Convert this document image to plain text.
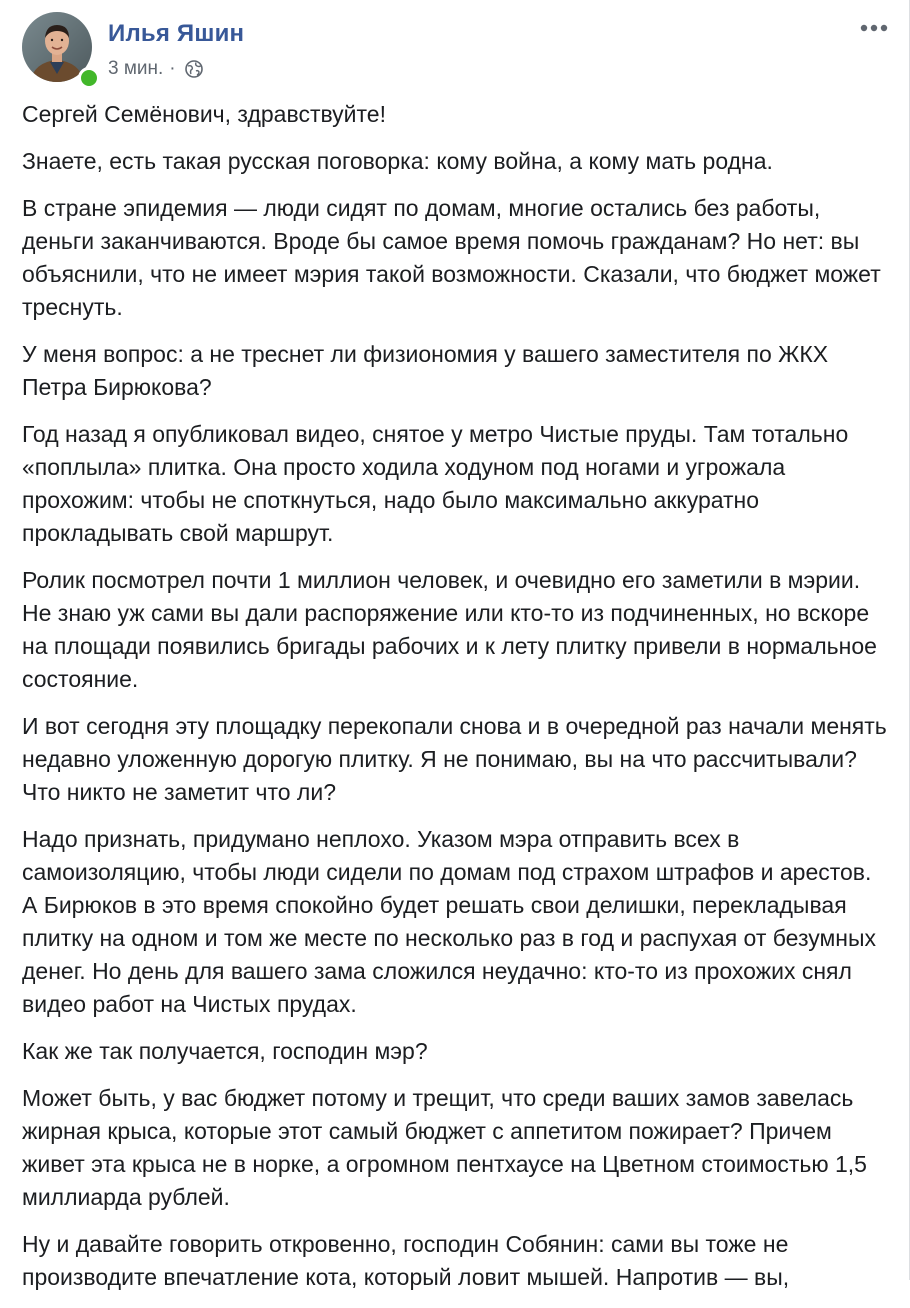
Илья Яшин
3 мин. ·

Сергей Семёнович, здравствуйте!

Знаете, есть такая русская поговорка: кому война, а кому мать родна.

В стране эпидемия — люди сидят по домам, многие остались без работы, деньги заканчиваются. Вроде бы самое время помочь гражданам? Но нет: вы объяснили, что не имеет мэрия такой возможности. Сказали, что бюджет может треснуть.

У меня вопрос: а не треснет ли физиономия у вашего заместителя по ЖКХ Петра Бирюкова?

Год назад я опубликовал видео, снятое у метро Чистые пруды. Там тотально «поплыла» плитка. Она просто ходила ходуном под ногами и угрожала прохожим: чтобы не споткнуться, надо было максимально аккуратно прокладывать свой маршрут.

Ролик посмотрел почти 1 миллион человек, и очевидно его заметили в мэрии. Не знаю уж сами вы дали распоряжение или кто-то из подчиненных, но вскоре на площади появились бригады рабочих и к лету плитку привели в нормальное состояние.

И вот сегодня эту площадку перекопали снова и в очередной раз начали менять недавно уложенную дорогую плитку. Я не понимаю, вы на что рассчитывали? Что никто не заметит что ли?

Надо признать, придумано неплохо. Указом мэра отправить всех в самоизоляцию, чтобы люди сидели по домам под страхом штрафов и арестов. А Бирюков в это время спокойно будет решать свои делишки, перекладывая плитку на одном и том же месте по несколько раз в год и распухая от безумных денег. Но день для вашего зама сложился неудачно: кто-то из прохожих снял видео работ на Чистых прудах.

Как же так получается, господин мэр?

Может быть, у вас бюджет потому и трещит, что среди ваших замов завелась жирная крыса, которые этот самый бюджет с аппетитом пожирает? Причем живет эта крыса не в норке, а огромном пентхаусе на Цветном стоимостью 1,5 миллиарда рублей.

Ну и давайте говорить откровенно, господин Собянин: сами вы тоже не производите впечатление кота, который ловит мышей. Напротив — вы,
